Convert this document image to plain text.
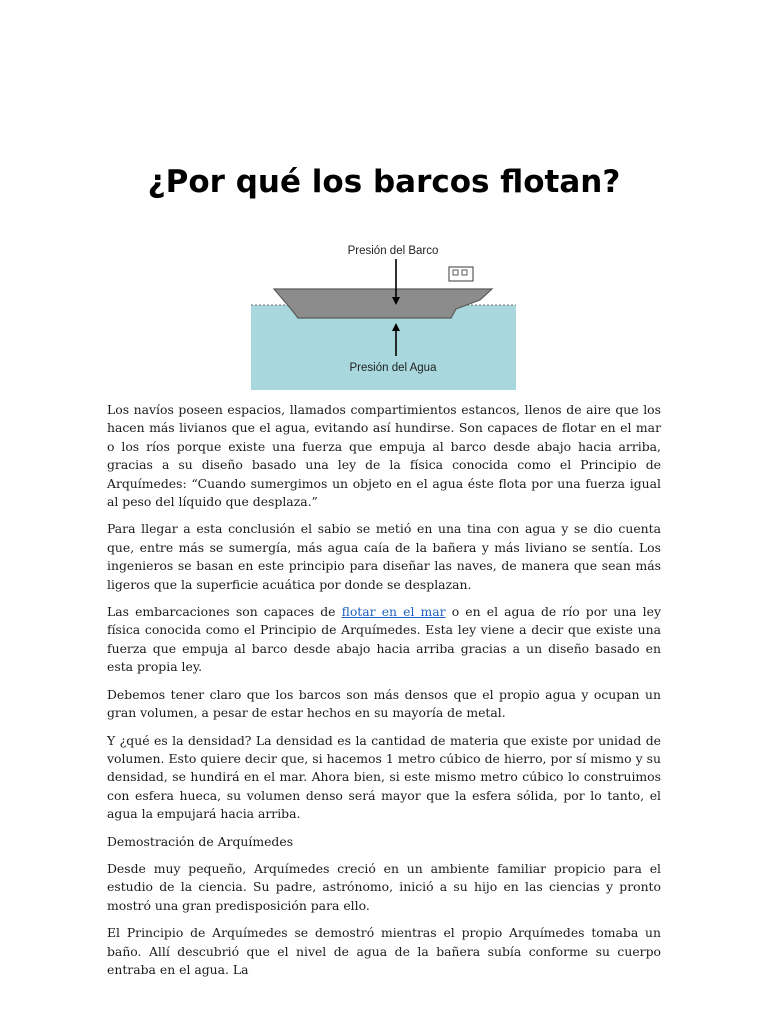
¿Por qué los barcos flotan?
Presión del Barco
Presión del Agua

Los navíos poseen espacios, llamados compartimientos estancos, llenos de aire que los hacen más livianos que el agua, evitando así hundirse. Son capaces de flotar en el mar o los ríos porque existe una fuerza que empuja al barco desde abajo hacia arriba, gracias a su diseño basado una ley de la física conocida como el Principio de Arquímedes: “Cuando sumergimos un objeto en el agua éste flota por una fuerza igual al peso del líquido que desplaza.”

Para llegar a esta conclusión el sabio se metió en una tina con agua y se dio cuenta que, entre más se sumergía, más agua caía de la bañera y más liviano se sentía. Los ingenieros se basan en este principio para diseñar las naves, de manera que sean más ligeros que la superficie acuática por donde se desplazan.

Las embarcaciones son capaces de flotar en el mar o en el agua de río por una ley física conocida como el Principio de Arquímedes. Esta ley viene a decir que existe una fuerza que empuja al barco desde abajo hacia arriba gracias a un diseño basado en esta propia ley.

Debemos tener claro que los barcos son más densos que el propio agua y ocupan un gran volumen, a pesar de estar hechos en su mayoría de metal.

Y ¿qué es la densidad? La densidad es la cantidad de materia que existe por unidad de volumen. Esto quiere decir que, si hacemos 1 metro cúbico de hierro, por sí mismo y su densidad, se hundirá en el mar. Ahora bien, si este mismo metro cúbico lo construimos con esfera hueca, su volumen denso será mayor que la esfera sólida, por lo tanto, el agua la empujará hacia arriba.

Demostración de Arquímedes

Desde muy pequeño, Arquímedes creció en un ambiente familiar propicio para el estudio de la ciencia. Su padre, astrónomo, inició a su hijo en las ciencias y pronto mostró una gran predisposición para ello.

El Principio de Arquímedes se demostró mientras el propio Arquímedes tomaba un baño. Allí descubrió que el nivel de agua de la bañera subía conforme su cuerpo entraba en el agua. La
